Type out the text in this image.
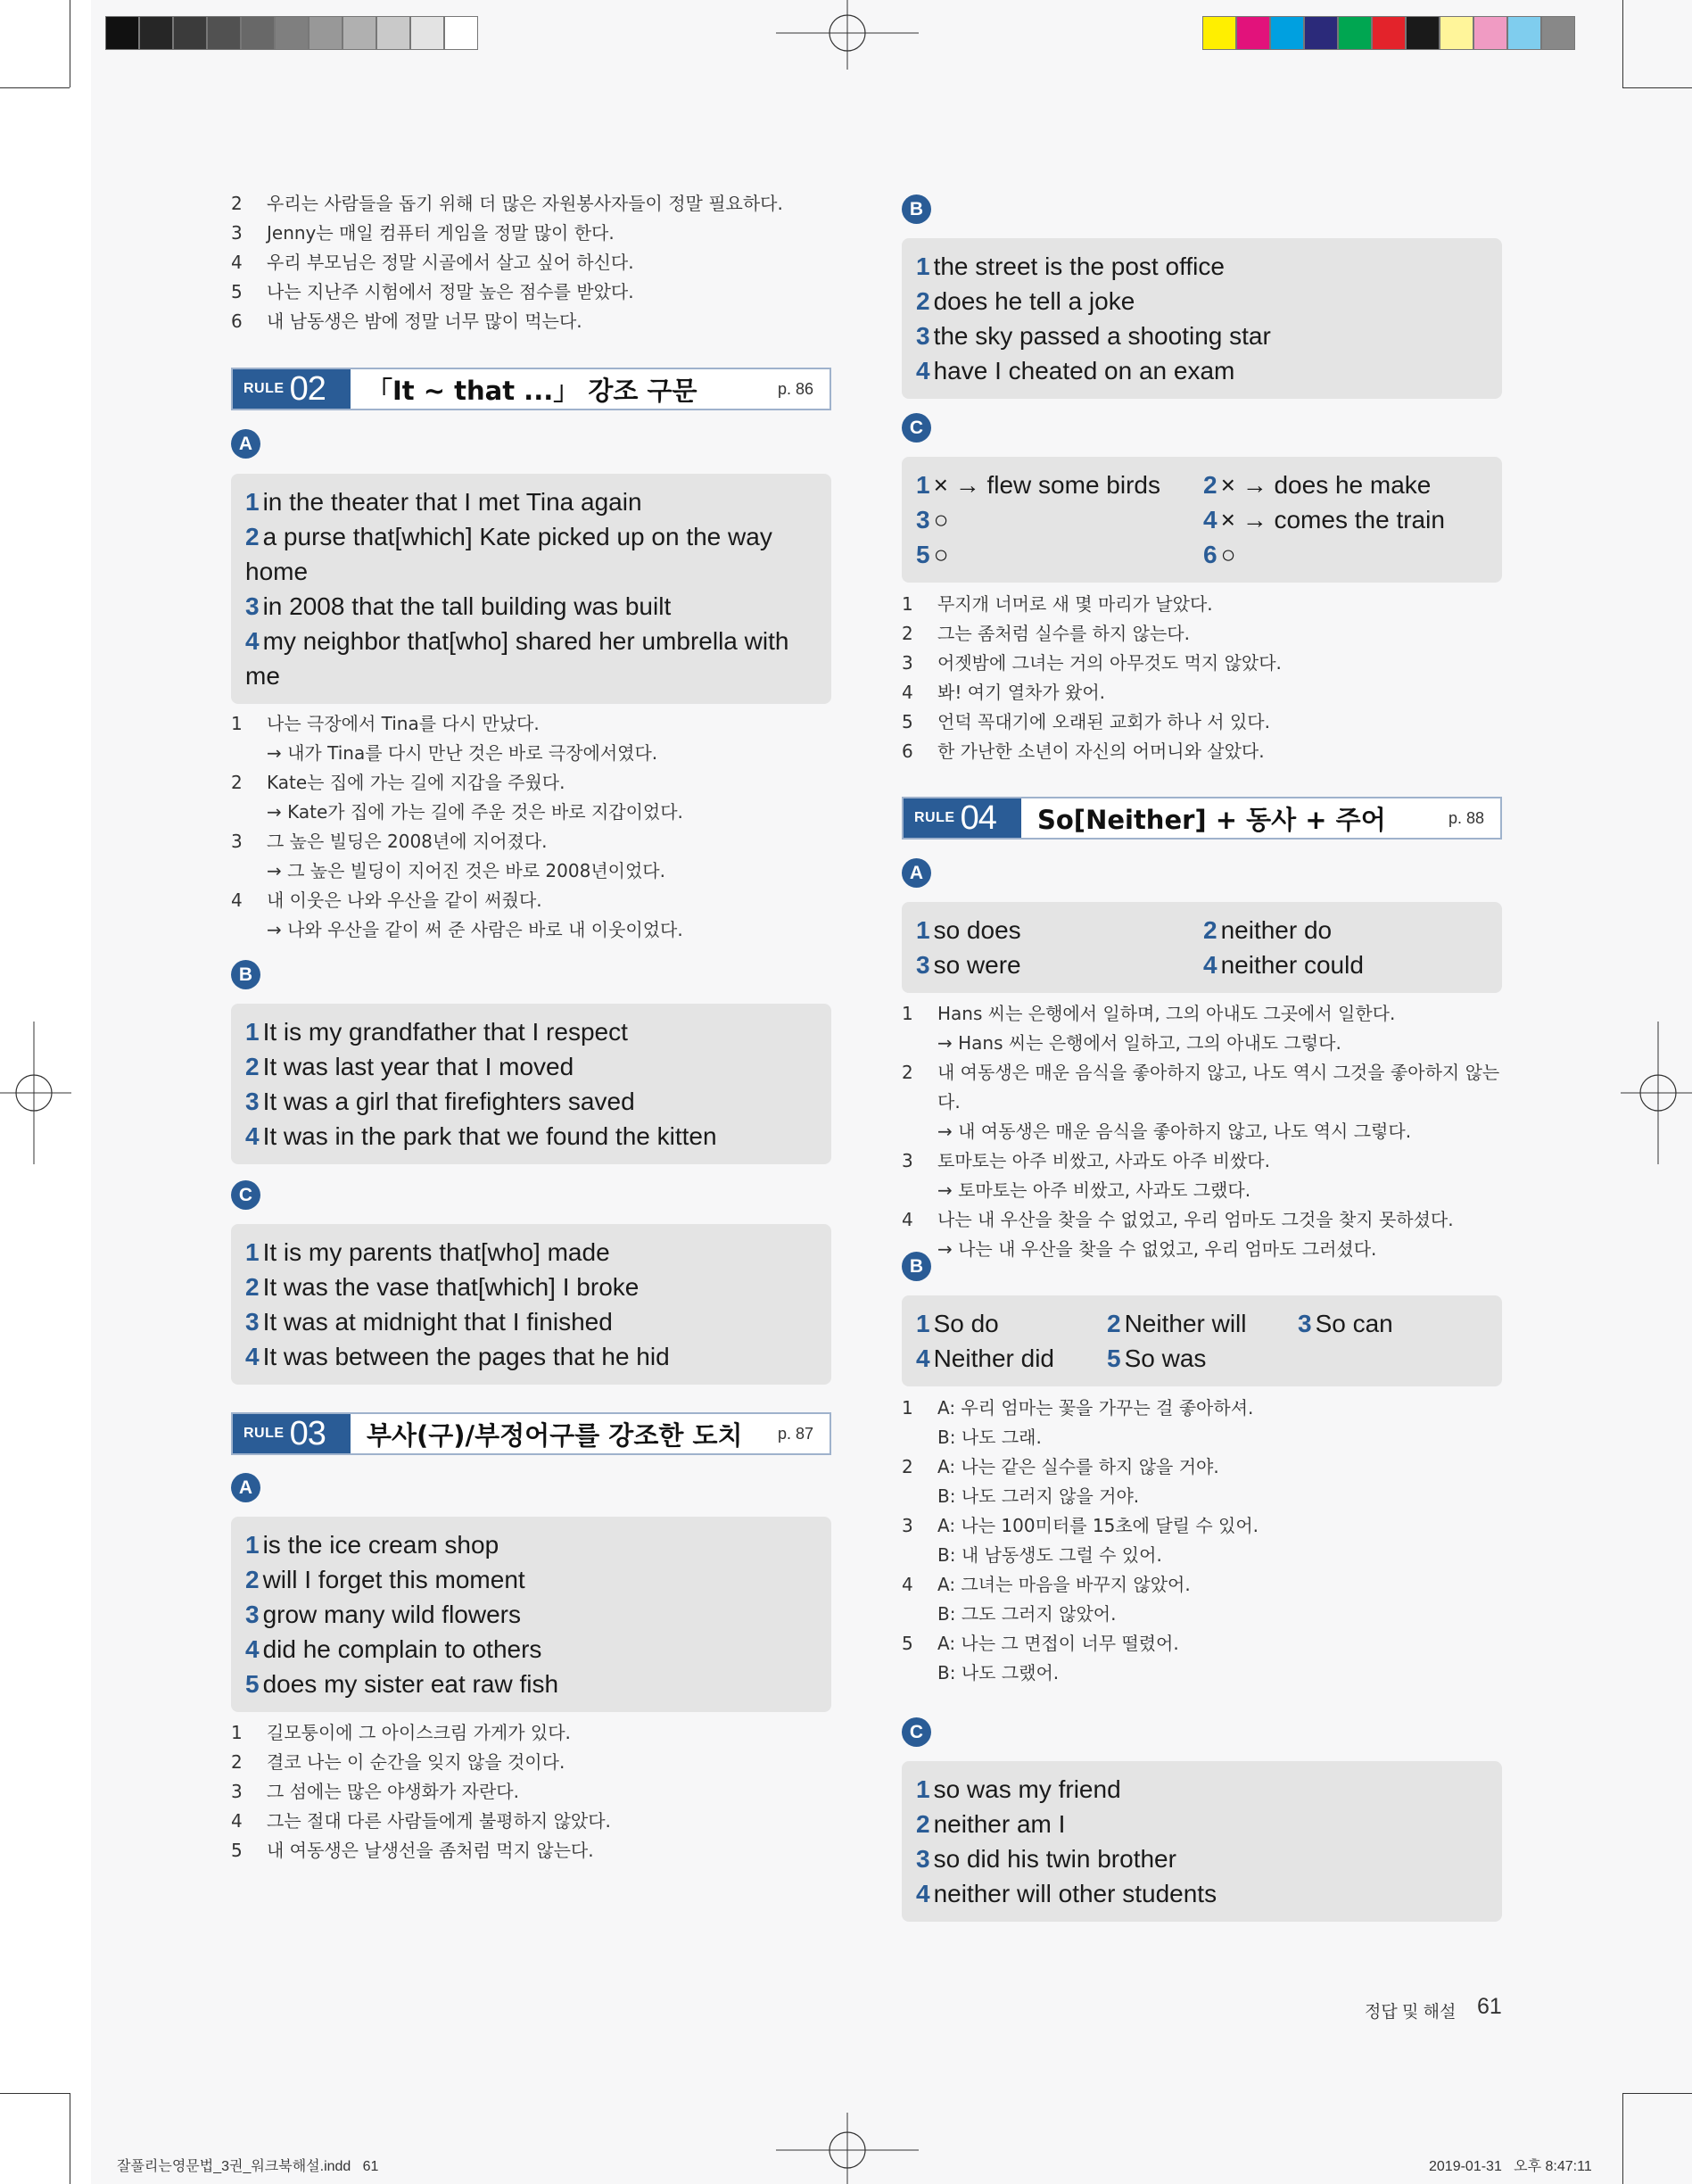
2	우리는 사람들을 돕기 위해 더 많은 자원봉사자들이 정말 필요하다.
3	Jenny는 매일 컴퓨터 게임을 정말 많이 한다.
4	우리 부모님은 정말 시골에서 살고 싶어 하신다.
5	나는 지난주 시험에서 정말 높은 점수를 받았다.
6	내 남동생은 밤에 정말 너무 많이 먹는다.
RULE 02 「It ~ that ...」 강조 구문	p. 86
A
1 in the theater that I met Tina again
2 a purse that[which] Kate picked up on the way home
3 in 2008 that the tall building was built
4 my neighbor that[who] shared her umbrella with me
1	나는 극장에서 Tina를 다시 만났다.
→ 내가 Tina를 다시 만난 것은 바로 극장에서였다.
2	Kate는 집에 가는 길에 지갑을 주웠다.
→ Kate가 집에 가는 길에 주운 것은 바로 지갑이었다.
3	그 높은 빌딩은 2008년에 지어졌다.
→ 그 높은 빌딩이 지어진 것은 바로 2008년이었다.
4	내 이웃은 나와 우산을 같이 써줬다.
→ 나와 우산을 같이 써 준 사람은 바로 내 이웃이었다.
B
1 It is my grandfather that I respect
2 It was last year that I moved
3 It was a girl that firefighters saved
4 It was in the park that we found the kitten
C
1 It is my parents that[who] made
2 It was the vase that[which] I broke
3 It was at midnight that I finished
4 It was between the pages that he hid
RULE 03 부사(구)/부정어구를 강조한 도치 p. 87
A
1 is the ice cream shop
2 will I forget this moment
3 grow many wild flowers
4 did he complain to others
5 does my sister eat raw fish
1	길모퉁이에 그 아이스크림 가게가 있다.
2	결코 나는 이 순간을 잊지 않을 것이다.
3	그 섬에는 많은 야생화가 자란다.
4	그는 절대 다른 사람들에게 불평하지 않았다.
5	내 여동생은 날생선을 좀처럼 먹지 않는다.
B
1 the street is the post office
2 does he tell a joke
3 the sky passed a shooting star
4 have I cheated on an exam
C
1 × → flew some birds	2 × → does he make
3 ○	4 × → comes the train
5 ○	6 ○
1	무지개 너머로 새 몇 마리가 날았다.
2	그는 좀처럼 실수를 하지 않는다.
3	어젯밤에 그녀는 거의 아무것도 먹지 않았다.
4	봐! 여기 열차가 왔어.
5	언덕 꼭대기에 오래된 교회가 하나 서 있다.
6	한 가난한 소년이 자신의 어머니와 살았다.
RULE 04 So[Neither] + 동사 + 주어	p. 88
A
1 so does	2 neither do
3 so were	4 neither could
1	Hans 씨는 은행에서 일하며, 그의 아내도 그곳에서 일한다.
→ Hans 씨는 은행에서 일하고, 그의 아내도 그렇다.
2	내 여동생은 매운 음식을 좋아하지 않고, 나도 역시 그것을 좋아하지 않는다.
→ 내 여동생은 매운 음식을 좋아하지 않고, 나도 역시 그렇다.
3	토마토는 아주 비쌌고, 사과도 아주 비쌌다.
→ 토마토는 아주 비쌌고, 사과도 그랬다.
4	나는 내 우산을 찾을 수 없었고, 우리 엄마도 그것을 찾지 못하셨다.
→ 나는 내 우산을 찾을 수 없었고, 우리 엄마도 그러셨다.
B
1 So do	2 Neither will	3 So can
4 Neither did	5 So was
1	A: 우리 엄마는 꽃을 가꾸는 걸 좋아하셔.
B: 나도 그래.
2	A: 나는 같은 실수를 하지 않을 거야.
B: 나도 그러지 않을 거야.
3	A: 나는 100미터를 15초에 달릴 수 있어.
B: 내 남동생도 그럴 수 있어.
4	A: 그녀는 마음을 바꾸지 않았어.
B: 그도 그러지 않았어.
5	A: 나는 그 면접이 너무 떨렸어.
B: 나도 그랬어.
C
1 so was my friend
2 neither am I
3 so did his twin brother
4 neither will other students
정답 및 해설 61
잘풀리는영문법_3권_워크북해설.indd   61	2019-01-31   오후 8:47:11
